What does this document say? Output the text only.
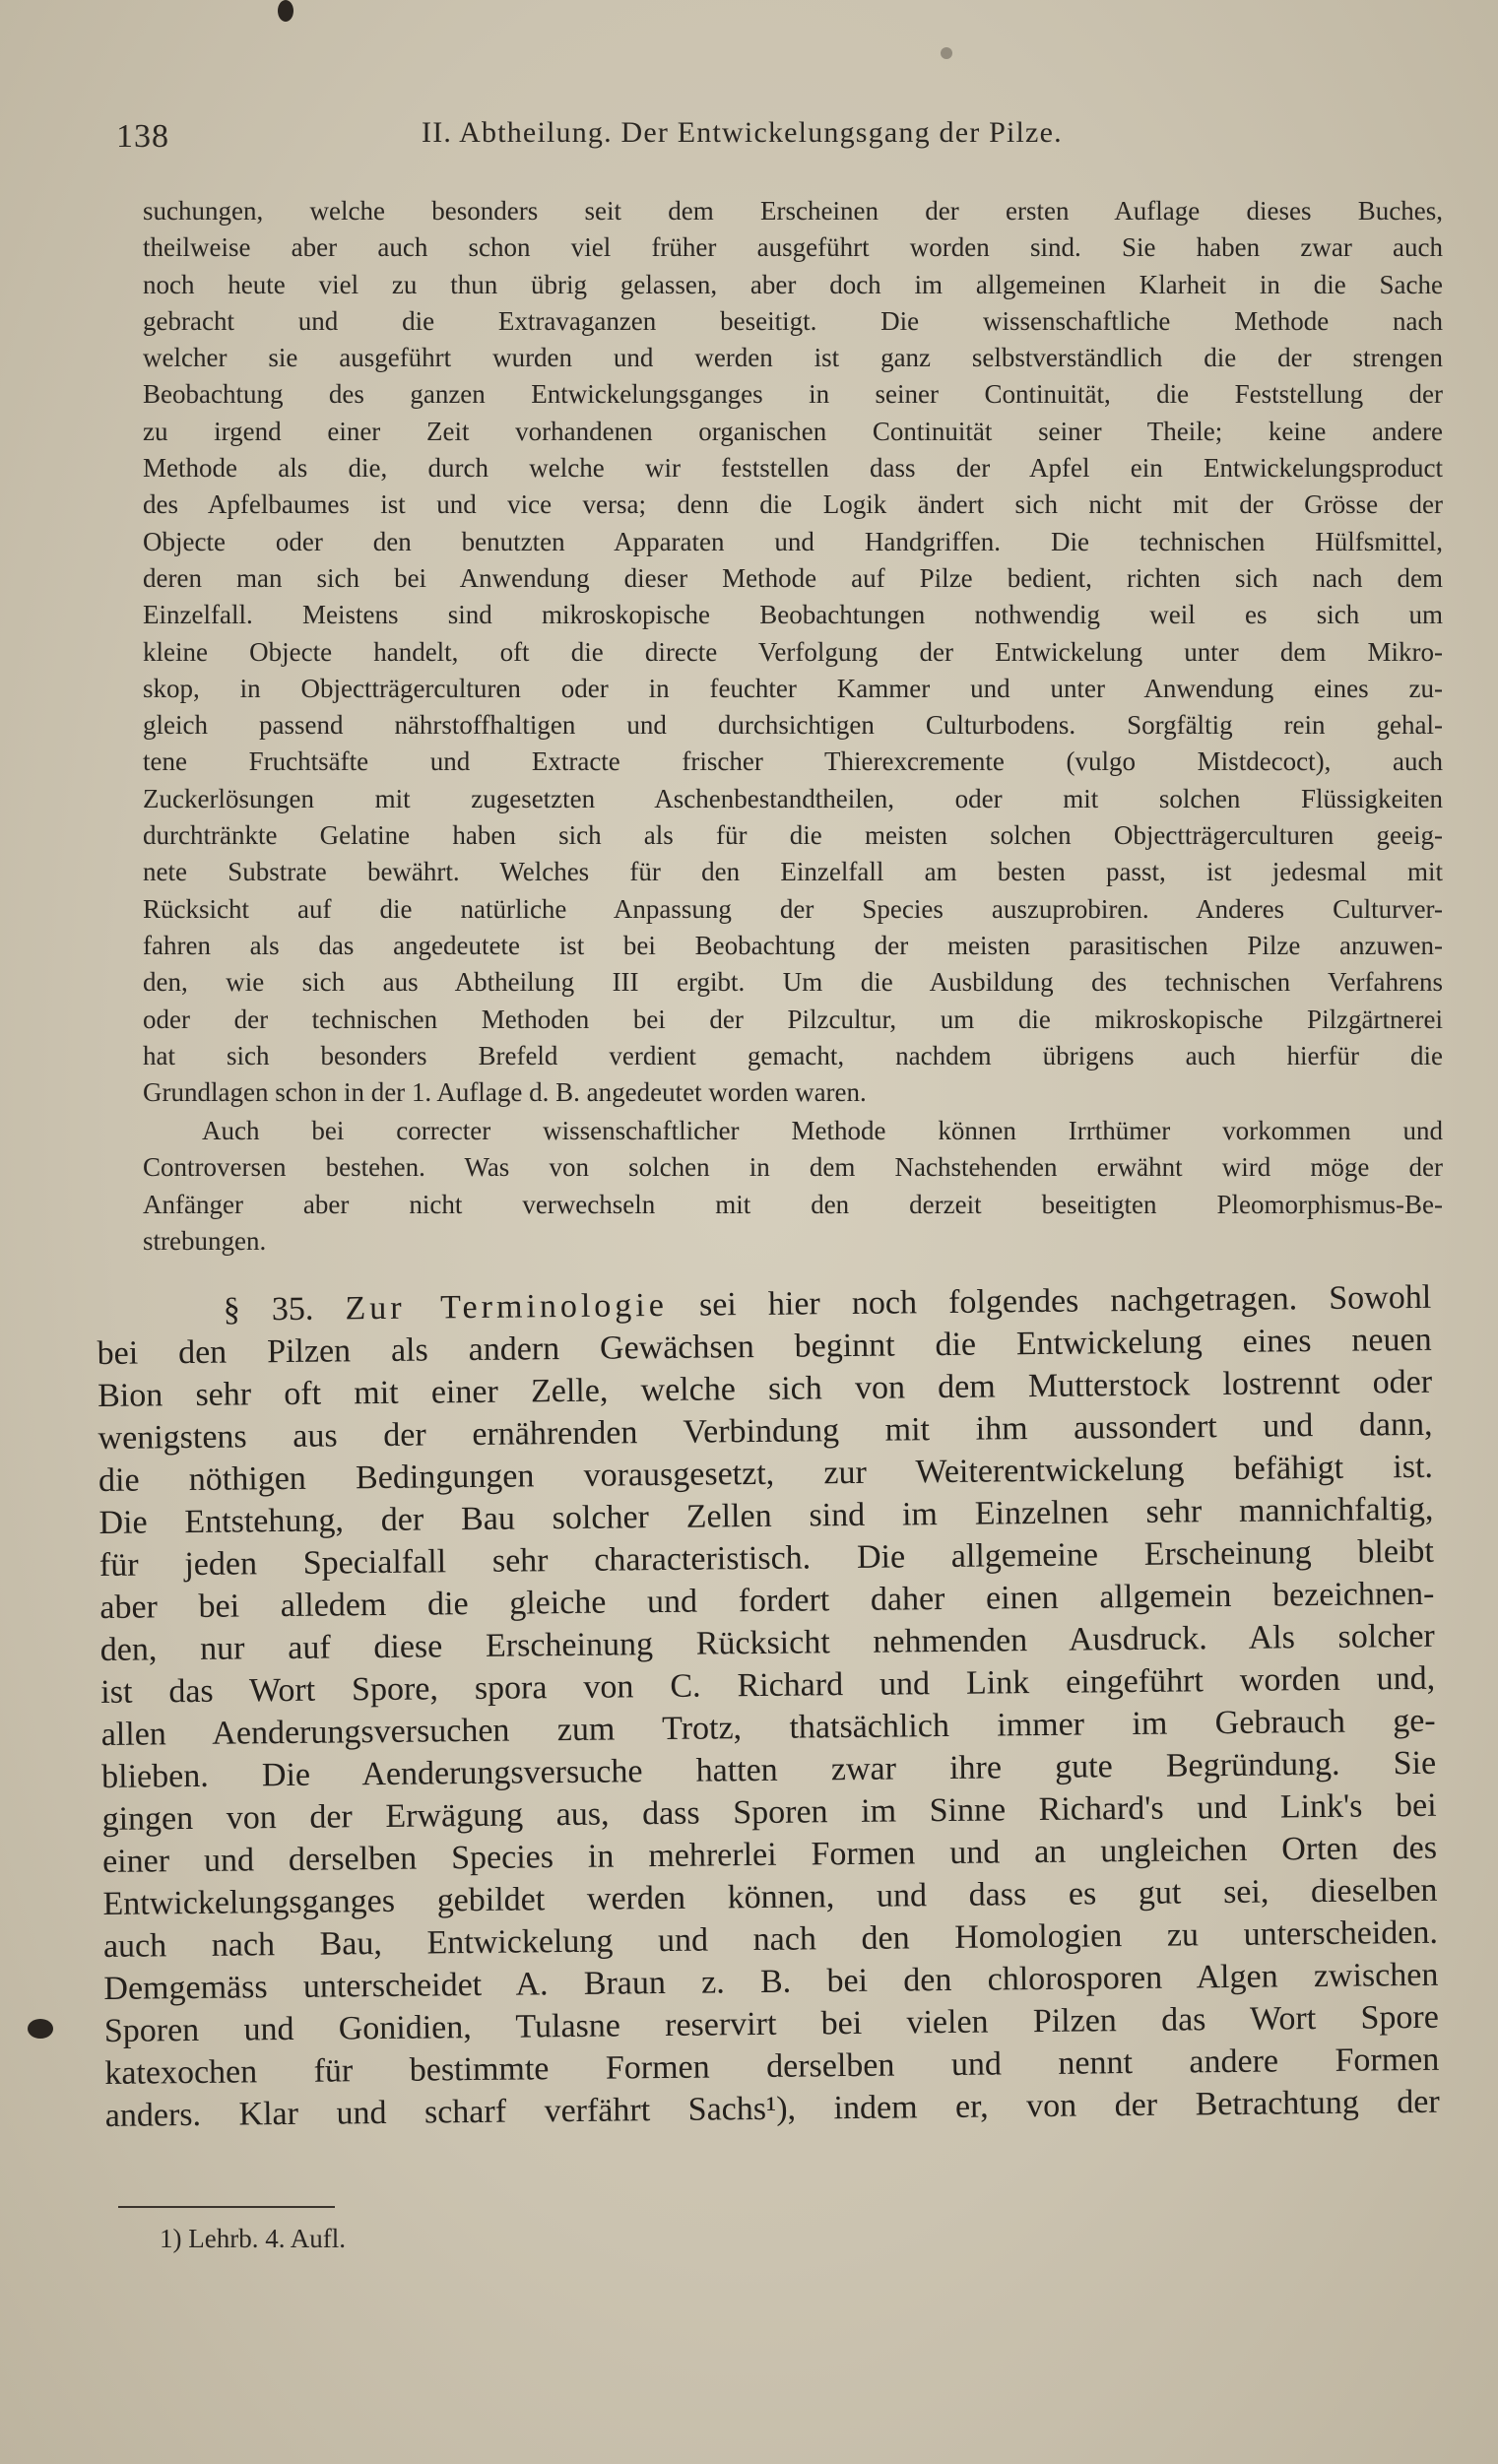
138	II. Abtheilung. Der Entwickelungsgang der Pilze.
suchungen, welche besonders seit dem Erscheinen der ersten Auflage dieses Buches,
theilweise aber auch schon viel früher ausgeführt worden sind. Sie haben zwar auch
noch heute viel zu thun übrig gelassen, aber doch im allgemeinen Klarheit in die Sache
gebracht und die Extravaganzen beseitigt. Die wissenschaftliche Methode nach
welcher sie ausgeführt wurden und werden ist ganz selbstverständlich die der strengen
Beobachtung des ganzen Entwickelungsganges in seiner Continuität, die Feststellung der
zu irgend einer Zeit vorhandenen organischen Continuität seiner Theile; keine andere
Methode als die, durch welche wir feststellen dass der Apfel ein Entwickelungsproduct
des Apfelbaumes ist und vice versa; denn die Logik ändert sich nicht mit der Grösse der
Objecte oder den benutzten Apparaten und Handgriffen. Die technischen Hülfsmittel,
deren man sich bei Anwendung dieser Methode auf Pilze bedient, richten sich nach dem
Einzelfall. Meistens sind mikroskopische Beobachtungen nothwendig weil es sich um
kleine Objecte handelt, oft die directe Verfolgung der Entwickelung unter dem Mikro-
skop, in Objectträgerculturen oder in feuchter Kammer und unter Anwendung eines zu-
gleich passend nährstoffhaltigen und durchsichtigen Culturbodens. Sorgfältig rein gehal-
tene Fruchtsäfte und Extracte frischer Thierexcremente (vulgo Mistdecoct), auch
Zuckerlösungen mit zugesetzten Aschenbestandtheilen, oder mit solchen Flüssigkeiten
durchtränkte Gelatine haben sich als für die meisten solchen Objectträgerculturen geeig-
nete Substrate bewährt. Welches für den Einzelfall am besten passt, ist jedesmal mit
Rücksicht auf die natürliche Anpassung der Species auszuprobiren. Anderes Culturver-
fahren als das angedeutete ist bei Beobachtung der meisten parasitischen Pilze anzuwen-
den, wie sich aus Abtheilung III ergibt. Um die Ausbildung des technischen Verfahrens
oder der technischen Methoden bei der Pilzcultur, um die mikroskopische Pilzgärtnerei
hat sich besonders Brefeld verdient gemacht, nachdem übrigens auch hierfür die
Grundlagen schon in der 1. Auflage d. B. angedeutet worden waren.
Auch bei correcter wissenschaftlicher Methode können Irrthümer vorkommen und
Controversen bestehen. Was von solchen in dem Nachstehenden erwähnt wird möge der
Anfänger aber nicht verwechseln mit den derzeit beseitigten Pleomorphismus-Be-
strebungen.
§ 35. Zur Terminologie sei hier noch folgendes nachgetragen. Sowohl
bei den Pilzen als andern Gewächsen beginnt die Entwickelung eines neuen
Bion sehr oft mit einer Zelle, welche sich von dem Mutterstock lostrennt oder
wenigstens aus der ernährenden Verbindung mit ihm aussondert und dann,
die nöthigen Bedingungen vorausgesetzt, zur Weiterentwickelung befähigt ist.
Die Entstehung, der Bau solcher Zellen sind im Einzelnen sehr mannichfaltig,
für jeden Specialfall sehr characteristisch. Die allgemeine Erscheinung bleibt
aber bei alledem die gleiche und fordert daher einen allgemein bezeichnen-
den, nur auf diese Erscheinung Rücksicht nehmenden Ausdruck. Als solcher
ist das Wort Spore, spora von C. Richard und Link eingeführt worden und,
allen Aenderungsversuchen zum Trotz, thatsächlich immer im Gebrauch ge-
blieben. Die Aenderungsversuche hatten zwar ihre gute Begründung. Sie
gingen von der Erwägung aus, dass Sporen im Sinne Richard's und Link's bei
einer und derselben Species in mehrerlei Formen und an ungleichen Orten des
Entwickelungsganges gebildet werden können, und dass es gut sei, dieselben
auch nach Bau, Entwickelung und nach den Homologien zu unterscheiden.
Demgemäss unterscheidet A. Braun z. B. bei den chlorosporen Algen zwischen
Sporen und Gonidien, Tulasne reservirt bei vielen Pilzen das Wort Spore
katexochen für bestimmte Formen derselben und nennt andere Formen
anders. Klar und scharf verfährt Sachs¹), indem er, von der Betrachtung der
1) Lehrb. 4. Aufl.
